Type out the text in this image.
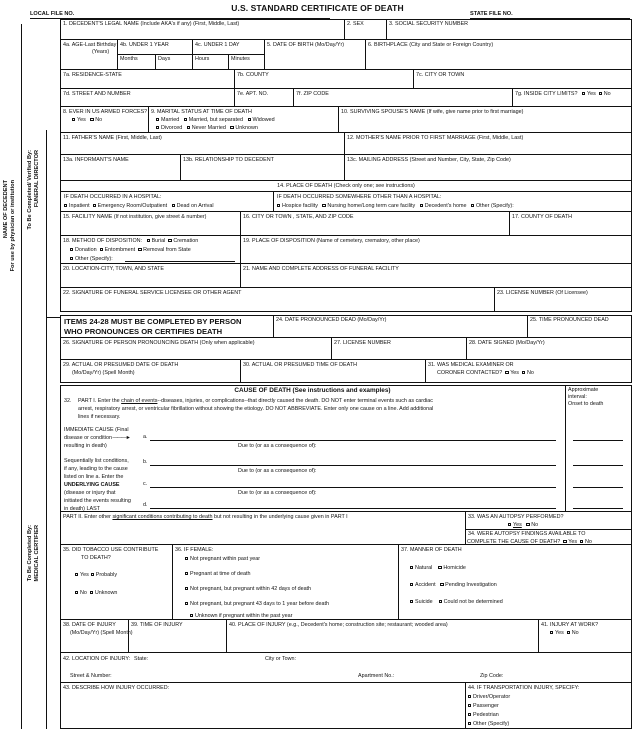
U.S. STANDARD CERTIFICATE OF DEATH
LOCAL FILE NO.	STATE FILE NO.
NAME OF DECEDENT For use by physician or institution To Be Completed/ Verified By: FUNERAL DIRECTOR
To Be Completed By: MEDICAL CERTIFIER
1. DECEDENT'S LEGAL NAME (Include AKA's if any) (First, Middle, Last)	2. SEX	3. SOCIAL SECURITY NUMBER
4a. AGE-Last Birthday
(Years)
4b. UNDER 1 YEAR
Months	Days
4c. UNDER 1 DAY
Hours	Minutes
5. DATE OF BIRTH (Mo/Day/Yr)	6. BIRTHPLACE (City and State or Foreign Country)
7a. RESIDENCE-STATE	7b. COUNTY	7c. CITY OR TOWN
7d. STREET AND NUMBER	7e. APT. NO.	7f. ZIP CODE	7g. INSIDE CITY LIMITS? Yes No
8. EVER IN US ARMED FORCES?
Yes No
9. MARITAL STATUS AT TIME OF DEATH
Married Married, but separated Widowed
Divorced Never Married Unknown
10. SURVIVING SPOUSE'S NAME (If wife, give name prior to first marriage)
11. FATHER'S NAME (First, Middle, Last)	12. MOTHER'S NAME PRIOR TO FIRST MARRIAGE (First, Middle, Last)
13a. INFORMANT'S NAME	13b. RELATIONSHIP TO DECEDENT	13c. MAILING ADDRESS (Street and Number, City, State, Zip Code)
14. PLACE OF DEATH (Check only one; see instructions)
IF DEATH OCCURRED IN A HOSPITAL:
Inpatient Emergency Room/Outpatient Dead on Arrival
IF DEATH OCCURRED SOMEWHERE OTHER THAN A HOSPITAL:
Hospice facility Nursing home/Long term care facility Decedent's home Other (Specify):
15. FACILITY NAME (If not institution, give street & number)	16. CITY OR TOWN , STATE, AND ZIP CODE	17. COUNTY OF DEATH
18. METHOD OF DISPOSITION: Burial Cremation
Donation Entombment Removal from State
Other (Specify):
19. PLACE OF DISPOSITION (Name of cemetery, crematory, other place)
20. LOCATION-CITY, TOWN, AND STATE	21. NAME AND COMPLETE ADDRESS OF FUNERAL FACILITY
22. SIGNATURE OF FUNERAL SERVICE LICENSEE OR OTHER AGENT	23. LICENSE NUMBER (Of Licensee)
ITEMS 24-28 MUST BE COMPLETED BY PERSON
WHO PRONOUNCES OR CERTIFIES DEATH
24. DATE PRONOUNCED DEAD (Mo/Day/Yr)	25. TIME PRONOUNCED DEAD
26. SIGNATURE OF PERSON PRONOUNCING DEATH (Only when applicable)	27. LICENSE NUMBER	28. DATE SIGNED (Mo/Day/Yr)
29. ACTUAL OR PRESUMED DATE OF DEATH
(Mo/Day/Yr) (Spell Month)
30. ACTUAL OR PRESUMED TIME OF DEATH	31. WAS MEDICAL EXAMINER OR
CORONER CONTACTED? Yes No
CAUSE OF DEATH (See instructions and examples)
32. PART I. Enter the chain of events--diseases, injuries, or complications--that directly caused the death. DO NOT enter terminal events such as cardiac
arrest, respiratory arrest, or ventricular fibrillation without showing the etiology. DO NOT ABBREVIATE. Enter only one cause on a line. Add additional
lines if necessary.
IMMEDIATE CAUSE (Final
disease or condition ———►
resulting in death)
Sequentially list conditions,
if any, leading to the cause
listed on line a. Enter the
UNDERLYING CAUSE
(disease or injury that
initiated the events resulting
in death) LAST
a.
Due to (or as a consequence of):
b.
Due to (or as a consequence of):
c.
Due to (or as a consequence of):
d.
Approximate
interval:
Onset to death
PART II. Enter other significant conditions contributing to death but not resulting in the underlying cause given in PART I	33. WAS AN AUTOPSY PERFORMED?
Yes No
34. WERE AUTOPSY FINDINGS AVAILABLE TO
COMPLETE THE CAUSE OF DEATH? Yes No
35. DID TOBACCO USE CONTRIBUTE
TO DEATH?
Yes Probably
No Unknown
36. IF FEMALE:
Not pregnant within past year
Pregnant at time of death
Not pregnant, but pregnant within 42 days of death
Not pregnant, but pregnant 43 days to 1 year before death
Unknown if pregnant within the past year
37. MANNER OF DEATH
Natural Homicide
Accident Pending Investigation
Suicide Could not be determined
38. DATE OF INJURY
(Mo/Day/Yr) (Spell Month)
39. TIME OF INJURY	40. PLACE OF INJURY (e.g., Decedent's home; construction site; restaurant; wooded area)	41. INJURY AT WORK?
Yes No
42. LOCATION OF INJURY: State:	City or Town:
Street & Number:	Apartment No.:	Zip Code:
43. DESCRIBE HOW INJURY OCCURRED:	44. IF TRANSPORTATION INJURY, SPECIFY:
Driver/Operator
Passenger
Pedestrian
Other (Specify)
